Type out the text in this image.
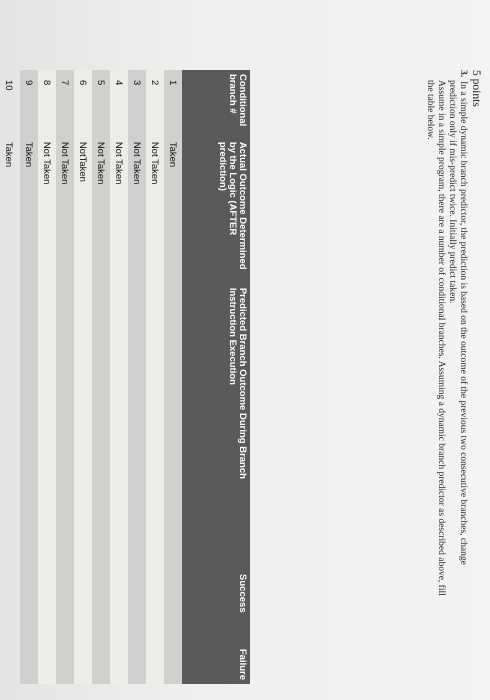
5 points

3.In a simple dynamic branch predictor, the prediction is based on the outcome of the previous two consecutive branches, change

prediction only if mis-predict twice. Initially predict taken.

Assume in a simple program, there are a number of conditional branches. Assuming a dynamic branch predictor as described above, fill

the table below.

Conditional branch #	Actual Outcome Determined by the Logic (AFTER prediction)	Predicted Branch Outcome During Branch Instruction Execution	Success	Failure
1	Taken			
2	Not Taken			
3	Not Taken			
4	Not Taken			
5	Not Taken			
6	NotTaken			
7	Not Taken			
8	Not Taken			
9	Taken			
10	Taken			
